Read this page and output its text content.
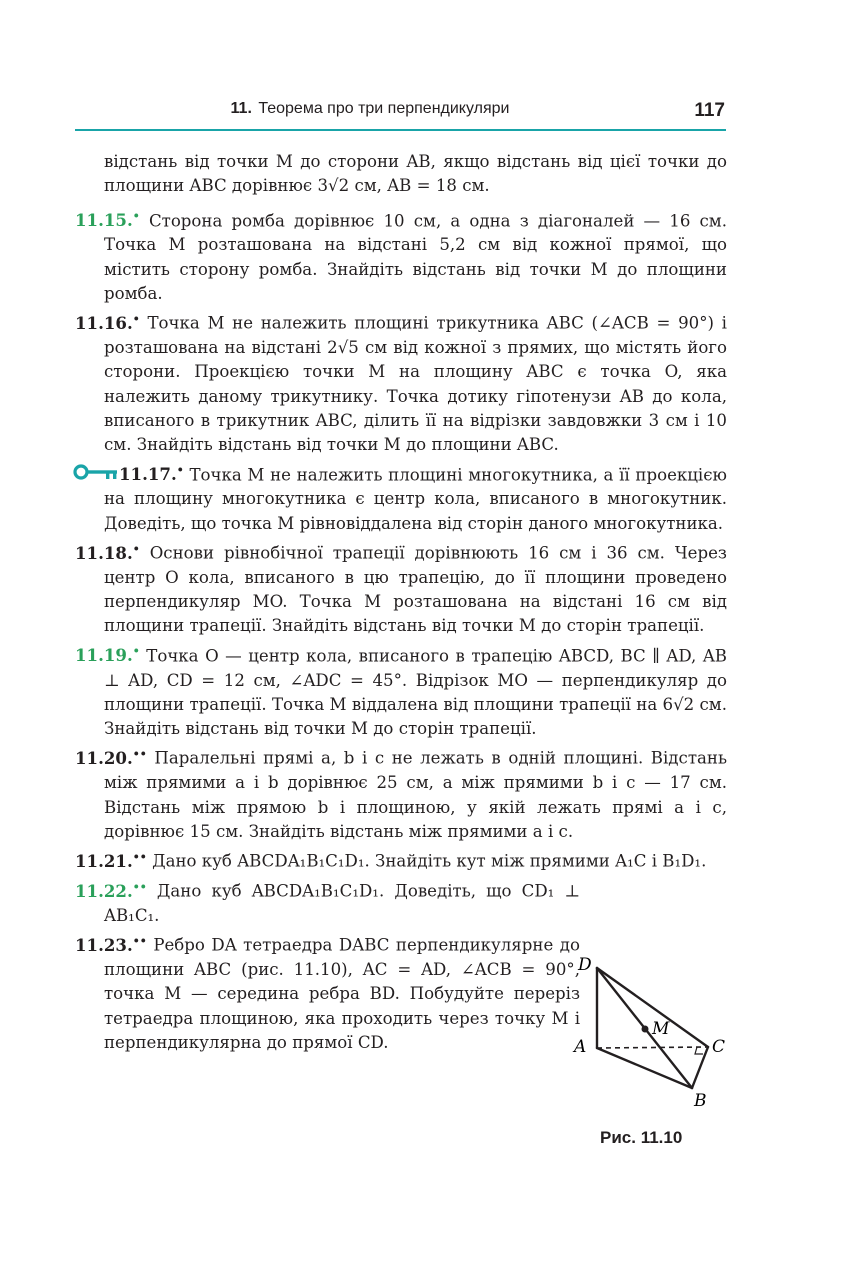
11. Теорема про три перпендикуляри	117

відстань від точки M до сторони AB, якщо відстань від цієї точки до площини ABC дорівнює 3√2 см, AB = 18 см.

11.15.• Сторона ромба дорівнює 10 см, а одна з діагоналей — 16 см. Точка M розташована на відстані 5,2 см від кожної прямої, що містить сторону ромба. Знайдіть відстань від точки M до площини ромба.

11.16.• Точка M не належить площині трикутника ABC (∠ACB = 90°) і розташована на відстані 2√5 см від кожної з прямих, що містять його сторони. Проекцією точки M на площину ABC є точка O, яка належить даному трикутнику. Точка дотику гіпотенузи AB до кола, вписаного в трикутник ABC, ділить її на відрізки завдовжки 3 см і 10 см. Знайдіть відстань від точки M до площини ABC.

11.17.• Точка M не належить площині многокутника, а її проекцією на площину многокутника є центр кола, вписаного в многокутник. Доведіть, що точка M рівновіддалена від сторін даного многокутника.

11.18.• Основи рівнобічної трапеції дорівнюють 16 см і 36 см. Через центр O кола, вписаного в цю трапецію, до її площини проведено перпендикуляр MO. Точка M розташована на відстані 16 см від площини трапеції. Знайдіть відстань від точки M до сторін трапеції.

11.19.• Точка O — центр кола, вписаного в трапецію ABCD, BC ∥ AD, AB ⊥ AD, CD = 12 см, ∠ADC = 45°. Відрізок MO — перпендикуляр до площини трапеції. Точка M віддалена від площини трапеції на 6√2 см. Знайдіть відстань від точки M до сторін трапеції.

11.20.•• Паралельні прямі a, b і c не лежать в одній площині. Відстань між прямими a і b дорівнює 25 см, а між прямими b і c — 17 см. Відстань між прямою b і площиною, у якій лежать прямі a і c, дорівнює 15 см. Знайдіть відстань між прямими a і c.

11.21.•• Дано куб ABCDA₁B₁C₁D₁. Знайдіть кут між прямими A₁C і B₁D₁.

11.22.•• Дано куб ABCDA₁B₁C₁D₁. Доведіть, що CD₁ ⊥ AB₁C₁.

11.23.•• Ребро DA тетраедра DABC перпендикулярне до площини ABC (рис. 11.10), AC = AD, ∠ACB = 90°, точка M — середина ребра BD. Побудуйте переріз тетраедра площиною, яка проходить через точку M і перпендикулярна до прямої CD.

D
A	C
B
M
Рис. 11.10
